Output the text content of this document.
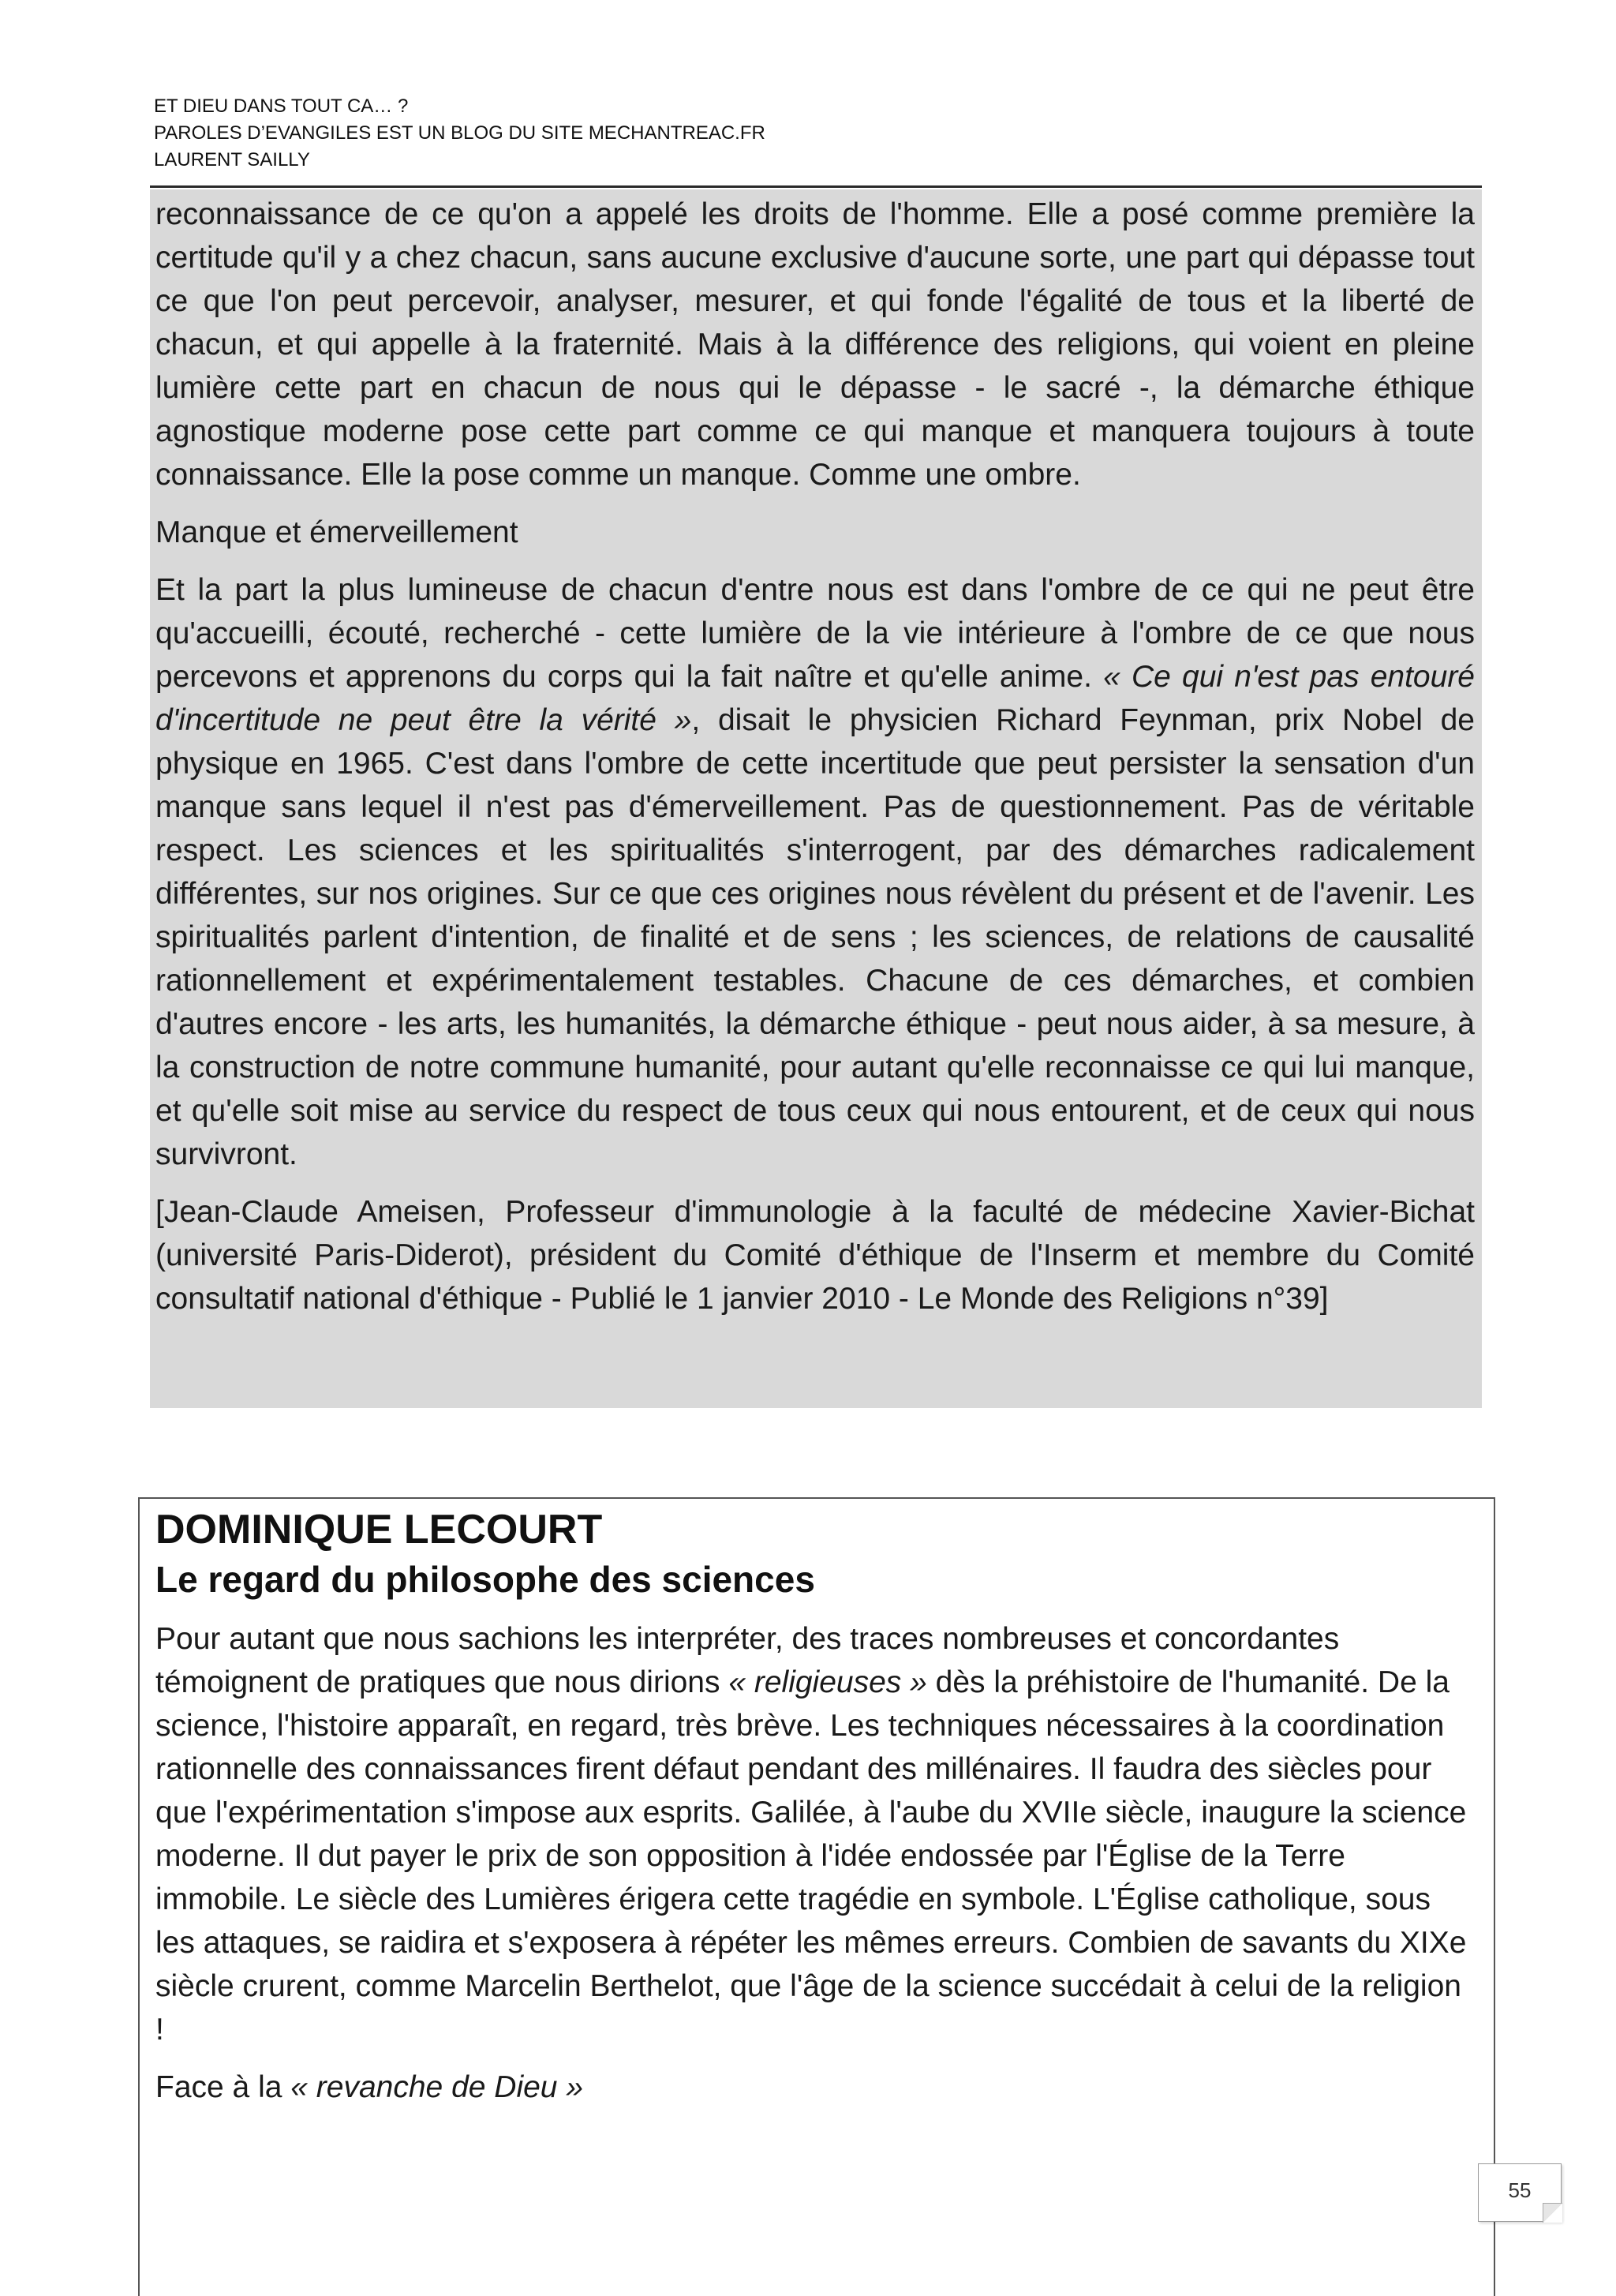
ET DIEU DANS TOUT CA… ?
PAROLES D’EVANGILES EST UN BLOG DU SITE MECHANTREAC.FR
LAURENT SAILLY

reconnaissance de ce qu'on a appelé les droits de l'homme. Elle a posé comme première la certitude qu'il y a chez chacun, sans aucune exclusive d'aucune sorte, une part qui dépasse tout ce que l'on peut percevoir, analyser, mesurer, et qui fonde l'égalité de tous et la liberté de chacun, et qui appelle à la fraternité. Mais à la différence des religions, qui voient en pleine lumière cette part en chacun de nous qui le dépasse - le sacré -, la démarche éthique agnostique moderne pose cette part comme ce qui manque et manquera toujours à toute connaissance. Elle la pose comme un manque. Comme une ombre.

Manque et émerveillement

Et la part la plus lumineuse de chacun d'entre nous est dans l'ombre de ce qui ne peut être qu'accueilli, écouté, recherché - cette lumière de la vie intérieure à l'ombre de ce que nous percevons et apprenons du corps qui la fait naître et qu'elle anime. « Ce qui n'est pas entouré d'incertitude ne peut être la vérité », disait le physicien Richard Feynman, prix Nobel de physique en 1965. C'est dans l'ombre de cette incertitude que peut persister la sensation d'un manque sans lequel il n'est pas d'émerveillement. Pas de questionnement. Pas de véritable respect. Les sciences et les spiritualités s'interrogent, par des démarches radicalement différentes, sur nos origines. Sur ce que ces origines nous révèlent du présent et de l'avenir. Les spiritualités parlent d'intention, de finalité et de sens ; les sciences, de relations de causalité rationnellement et expérimentalement testables. Chacune de ces démarches, et combien d'autres encore - les arts, les humanités, la démarche éthique - peut nous aider, à sa mesure, à la construction de notre commune humanité, pour autant qu'elle reconnaisse ce qui lui manque, et qu'elle soit mise au service du respect de tous ceux qui nous entourent, et de ceux qui nous survivront.

[Jean-Claude Ameisen, Professeur d'immunologie à la faculté de médecine Xavier-Bichat (université Paris-Diderot), président du Comité d'éthique de l'Inserm et membre du Comité consultatif national d'éthique - Publié le 1 janvier 2010 - Le Monde des Religions n°39]

DOMINIQUE LECOURT
Le regard du philosophe des sciences

Pour autant que nous sachions les interpréter, des traces nombreuses et concordantes témoignent de pratiques que nous dirions « religieuses » dès la préhistoire de l'humanité. De la science, l'histoire apparaît, en regard, très brève. Les techniques nécessaires à la coordination rationnelle des connaissances firent défaut pendant des millénaires. Il faudra des siècles pour que l'expérimentation s'impose aux esprits. Galilée, à l'aube du XVIIe siècle, inaugure la science moderne. Il dut payer le prix de son opposition à l'idée endossée par l'Église de la Terre immobile. Le siècle des Lumières érigera cette tragédie en symbole. L'Église catholique, sous les attaques, se raidira et s'exposera à répéter les mêmes erreurs. Combien de savants du XIXe siècle crurent, comme Marcelin Berthelot, que l'âge de la science succédait à celui de la religion !

Face à la « revanche de Dieu »

55
